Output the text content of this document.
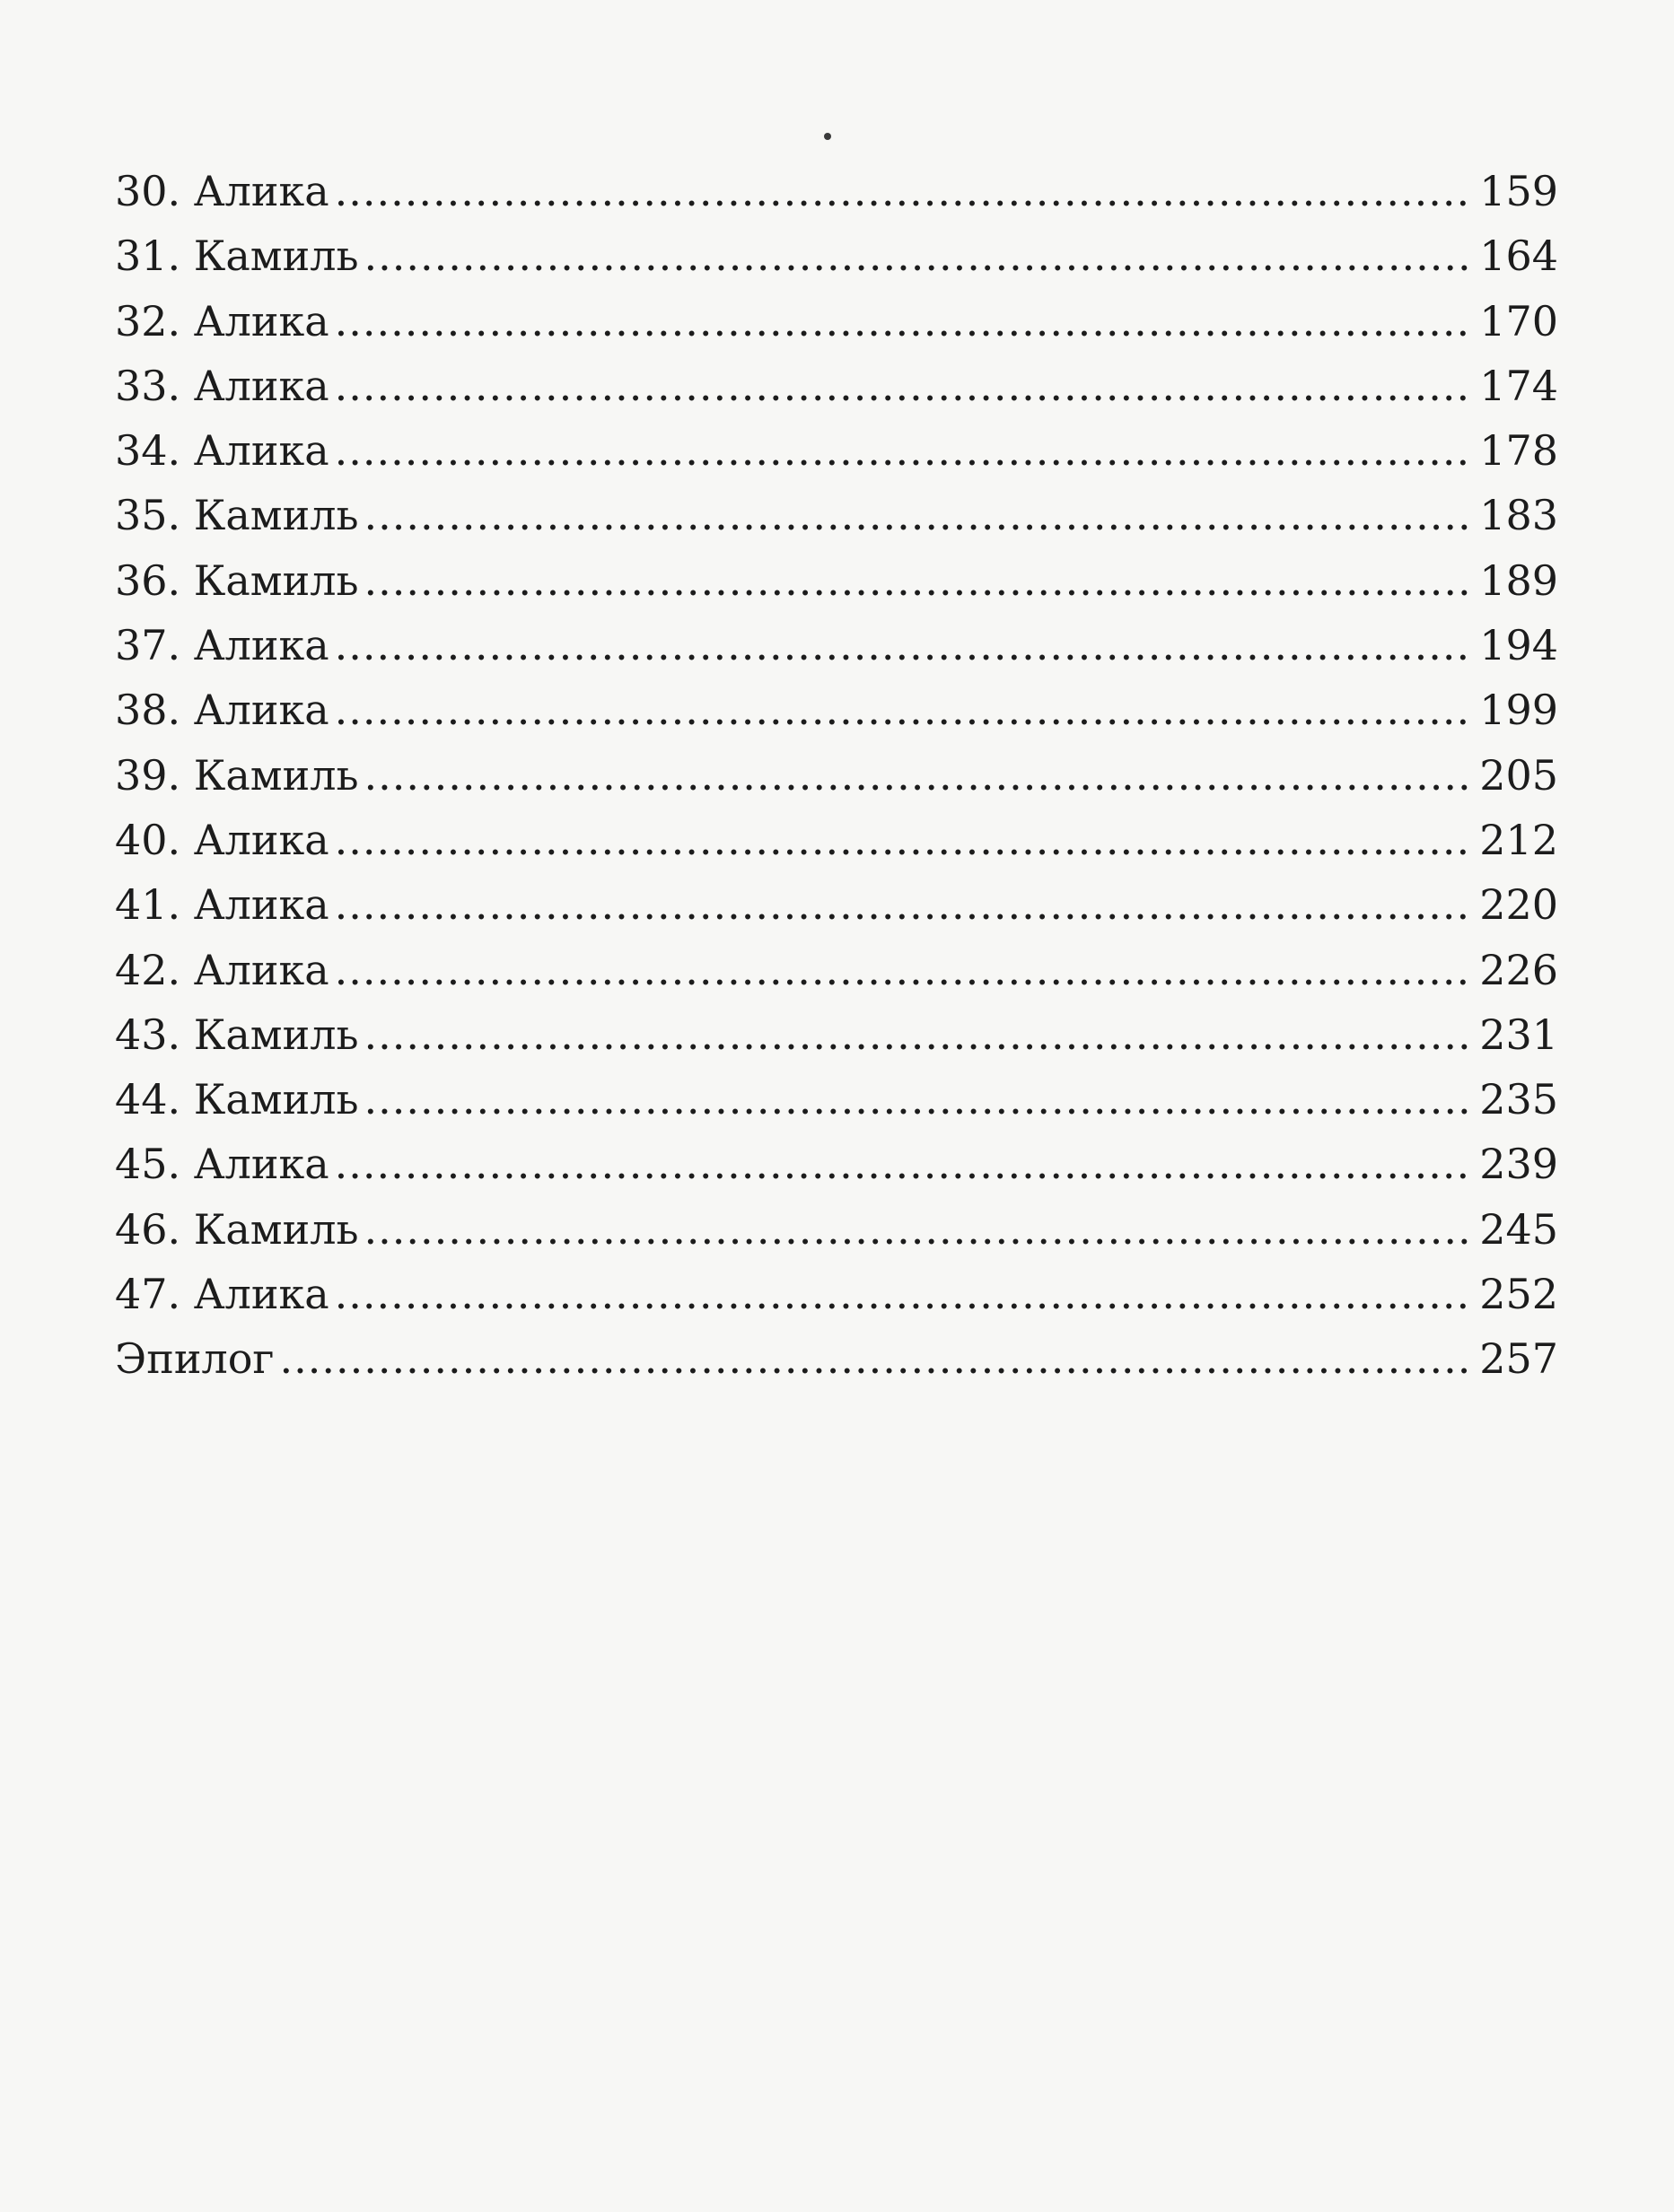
30. Алика .....	159
31. Камиль .....	164
32. Алика .....	170
33. Алика .....	174
34. Алика .....	178
35. Камиль .....	183
36. Камиль .....	189
37. Алика .....	194
38. Алика .....	199
39. Камиль .....	205
40. Алика .....	212
41. Алика .....	220
42. Алика .....	226
43. Камиль .....	231
44. Камиль .....	235
45. Алика .....	239
46. Камиль .....	245
47. Алика .....	252
Эпилог .....	257
